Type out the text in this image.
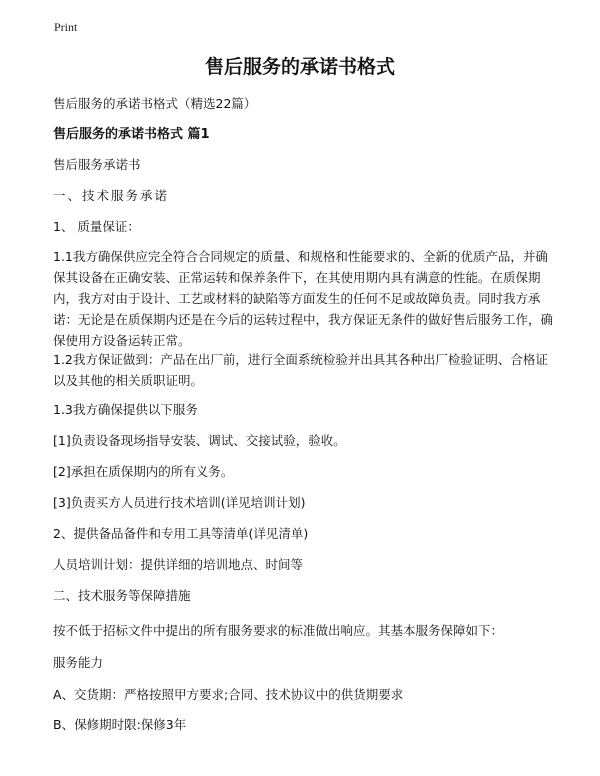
Print
售后服务的承诺书格式
售后服务的承诺书格式（精选22篇）
售后服务的承诺书格式 篇1
售后服务承诺书
一、技术服务承诺
1、 质量保证：
1.1我方确保供应完全符合合同规定的质量、和规格和性能要求的、全新的优质产品，并确保其设备在正确安装、正常运转和保养条件下，在其使用期内具有满意的性能。在质保期内，我方对由于设计、工艺或材料的缺陷等方面发生的任何不足或故障负责。同时我方承诺：无论是在质保期内还是在今后的运转过程中，我方保证无条件的做好售后服务工作，确保使用方设备运转正常。
1.2我方保证做到：产品在出厂前，进行全面系统检验并出具其各种出厂检验证明、合格证以及其他的相关质职证明。
1.3我方确保提供以下服务
[1]负责设备现场指导安装、调试、交接试验，验收。
[2]承担在质保期内的所有义务。
[3]负责买方人员进行技术培训(详见培训计划)
2、提供备品备件和专用工具等清单(详见清单)
人员培训计划：提供详细的培训地点、时间等
二、技术服务等保障措施
按不低于招标文件中提出的所有服务要求的标准做出响应。其基本服务保障如下：
服务能力
A、交货期：严格按照甲方要求;合同、技术协议中的供货期要求
B、保修期时限:保修3年
